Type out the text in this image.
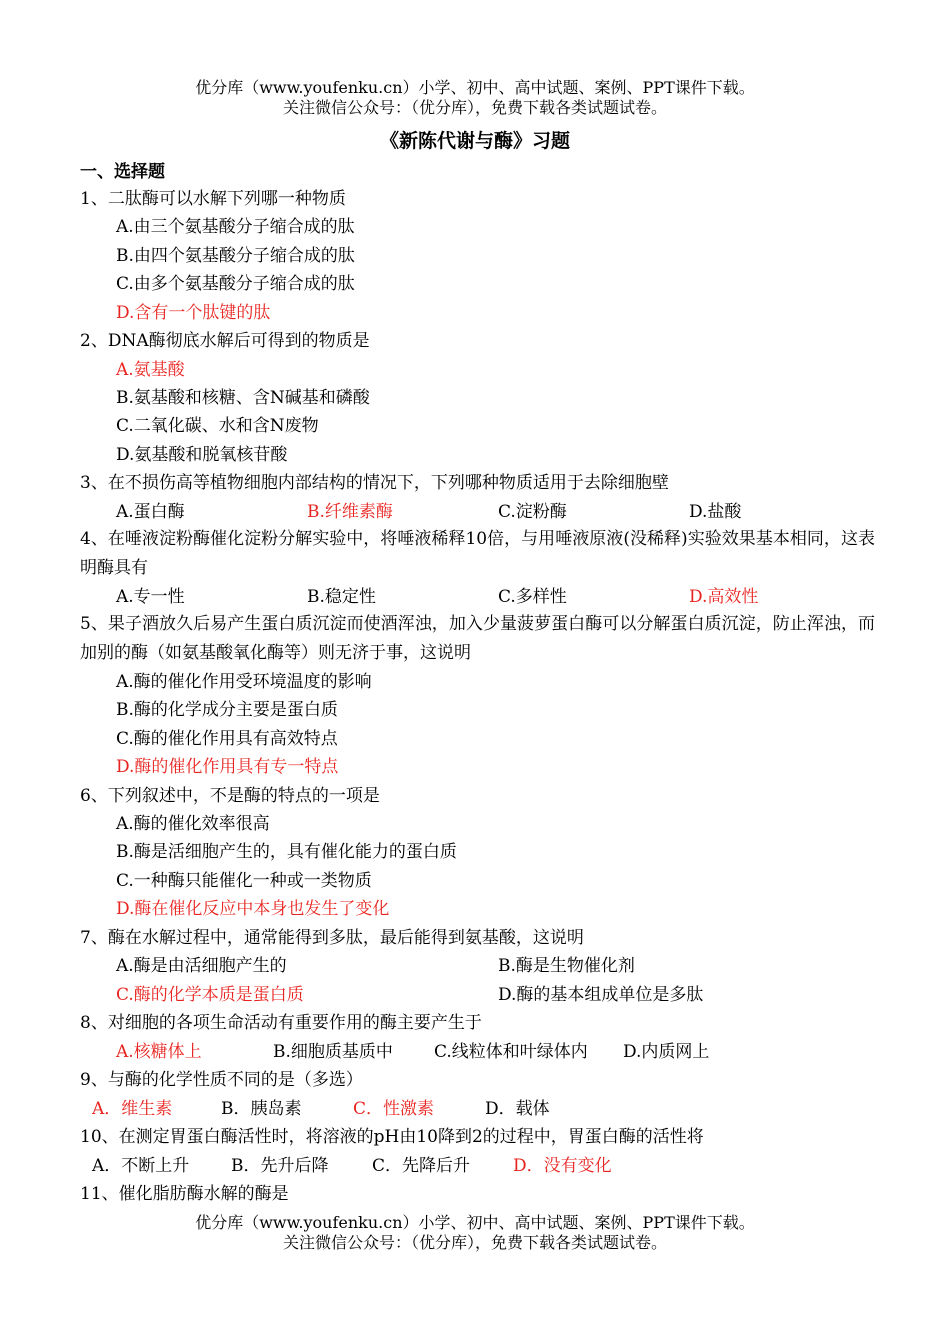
优分库（www.youfenku.cn）小学、初中、高中试题、案例、PPT课件下载。
关注微信公众号：（优分库），免费下载各类试题试卷。
《新陈代谢与酶》习题
一、选择题
1、二肽酶可以水解下列哪一种物质
A.由三个氨基酸分子缩合成的肽
B.由四个氨基酸分子缩合成的肽
C.由多个氨基酸分子缩合成的肽
D.含有一个肽键的肽
2、DNA酶彻底水解后可得到的物质是
A.氨基酸
B.氨基酸和核糖、含N碱基和磷酸
C.二氧化碳、水和含N废物
D.氨基酸和脱氧核苷酸
3、在不损伤高等植物细胞内部结构的情况下，下列哪种物质适用于去除细胞壁
A.蛋白酶	B.纤维素酶	C.淀粉酶	D.盐酸
4、在唾液淀粉酶催化淀粉分解实验中，将唾液稀释10倍，与用唾液原液(没稀释)实验效果基本相同，这表明酶具有
A.专一性	B.稳定性	C.多样性	D.高效性
5、果子酒放久后易产生蛋白质沉淀而使酒浑浊，加入少量菠萝蛋白酶可以分解蛋白质沉淀，防止浑浊，而加别的酶（如氨基酸氧化酶等）则无济于事，这说明
A.酶的催化作用受环境温度的影响
B.酶的化学成分主要是蛋白质
C.酶的催化作用具有高效特点
D.酶的催化作用具有专一特点
6、下列叙述中，不是酶的特点的一项是
A.酶的催化效率很高
B.酶是活细胞产生的，具有催化能力的蛋白质
C.一种酶只能催化一种或一类物质
D.酶在催化反应中本身也发生了变化
7、酶在水解过程中，通常能得到多肽，最后能得到氨基酸，这说明
A.酶是由活细胞产生的	B.酶是生物催化剂
C.酶的化学本质是蛋白质	D.酶的基本组成单位是多肽
8、对细胞的各项生命活动有重要作用的酶主要产生于
A.核糖体上	B.细胞质基质中 C.线粒体和叶绿体内 D.内质网上
9、与酶的化学性质不同的是（多选）
A．维生素	B．胰岛素	C．性激素	D．载体
10、在测定胃蛋白酶活性时，将溶液的pH由10降到2的过程中，胃蛋白酶的活性将
A．不断上升 B．先升后降	C．先降后升	D．没有变化
11、催化脂肪酶水解的酶是
优分库（www.youfenku.cn）小学、初中、高中试题、案例、PPT课件下载。
关注微信公众号：（优分库），免费下载各类试题试卷。
